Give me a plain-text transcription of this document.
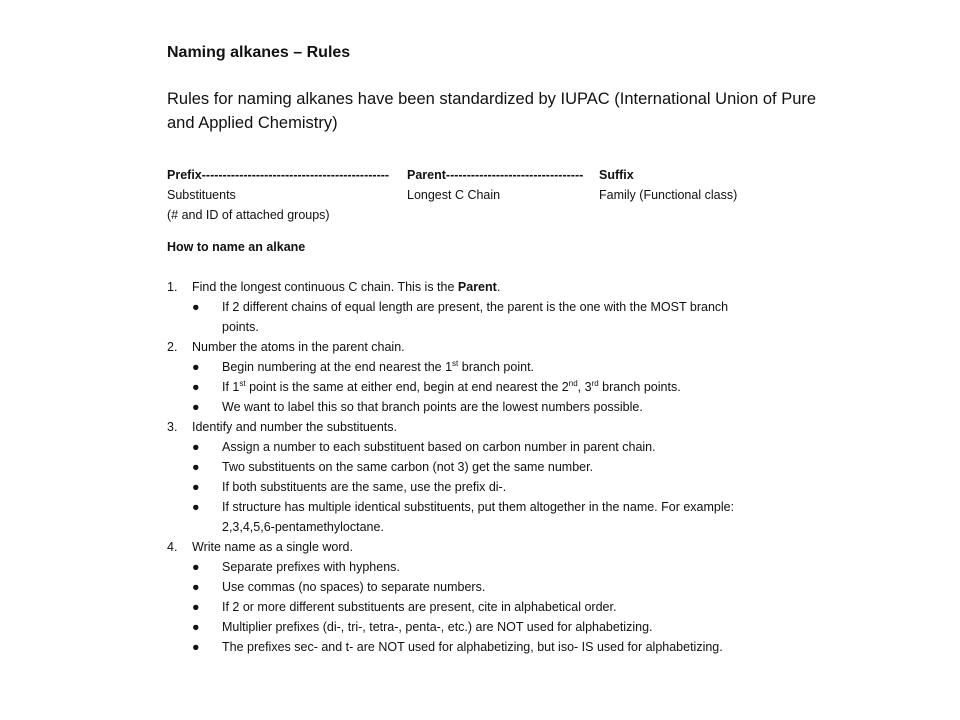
Naming alkanes – Rules
Rules for naming alkanes have been standardized by IUPAC (International Union of Pure and Applied Chemistry)
Prefix--------------------------------------------- Parent--------------------------------- Suffix
Substituents	Longest C Chain	Family (Functional class)
(# and ID of attached groups)
How to name an alkane
1. Find the longest continuous C chain. This is the Parent.
● If 2 different chains of equal length are present, the parent is the one with the MOST branch points.
2. Number the atoms in the parent chain.
● Begin numbering at the end nearest the 1st branch point.
● If 1st point is the same at either end, begin at end nearest the 2nd, 3rd branch points.
● We want to label this so that branch points are the lowest numbers possible.
3. Identify and number the substituents.
● Assign a number to each substituent based on carbon number in parent chain.
● Two substituents on the same carbon (not 3) get the same number.
● If both substituents are the same, use the prefix di-.
● If structure has multiple identical substituents, put them altogether in the name. For example: 2,3,4,5,6-pentamethyloctane.
4. Write name as a single word.
● Separate prefixes with hyphens.
● Use commas (no spaces) to separate numbers.
● If 2 or more different substituents are present, cite in alphabetical order.
● Multiplier prefixes (di-, tri-, tetra-, penta-, etc.) are NOT used for alphabetizing.
● The prefixes sec- and t- are NOT used for alphabetizing, but iso- IS used for alphabetizing.
